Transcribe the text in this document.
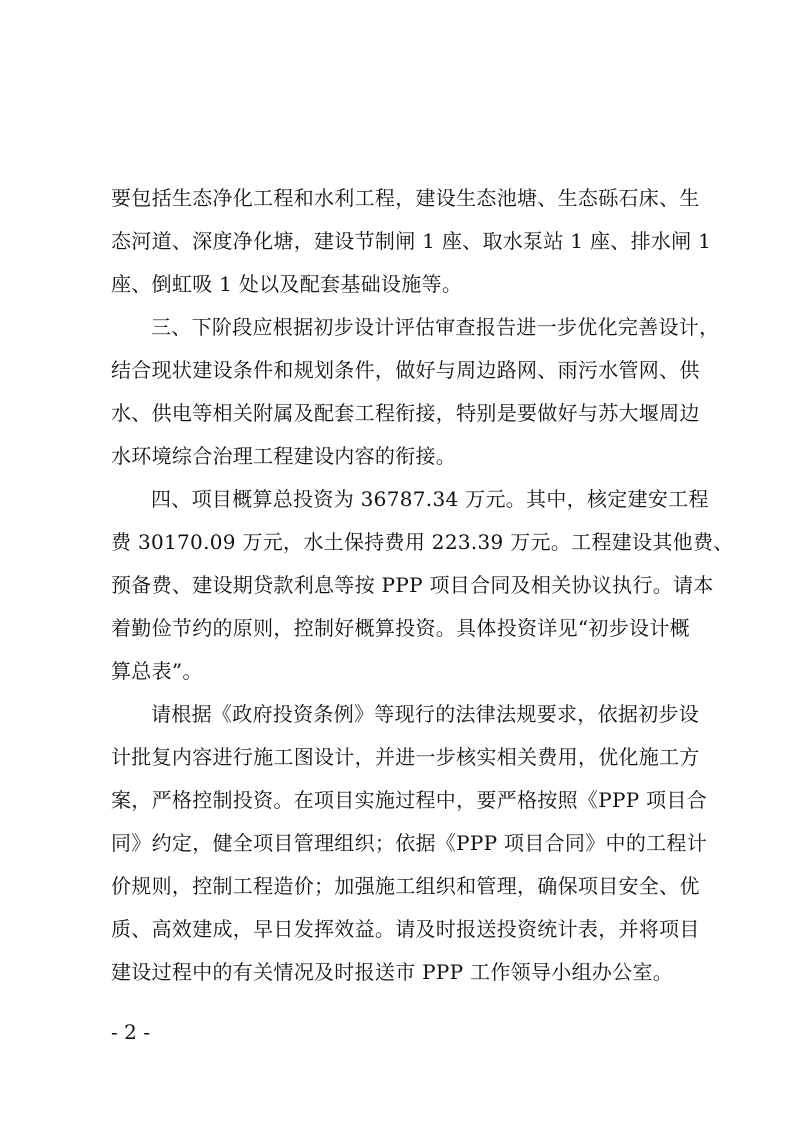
要包括生态净化工程和水利工程，建设生态池塘、生态砾石床、生
态河道、深度净化塘，建设节制闸 1 座、取水泵站 1 座、排水闸 1
座、倒虹吸 1 处以及配套基础设施等。
三、下阶段应根据初步设计评估审查报告进一步优化完善设计，
结合现状建设条件和规划条件，做好与周边路网、雨污水管网、供
水、供电等相关附属及配套工程衔接，特别是要做好与苏大堰周边
水环境综合治理工程建设内容的衔接。
四、项目概算总投资为 36787.34 万元。其中，核定建安工程
费 30170.09 万元，水土保持费用 223.39 万元。工程建设其他费、
预备费、建设期贷款利息等按 PPP 项目合同及相关协议执行。请本
着勤俭节约的原则，控制好概算投资。具体投资详见“初步设计概
算总表”。
请根据《政府投资条例》等现行的法律法规要求，依据初步设
计批复内容进行施工图设计，并进一步核实相关费用，优化施工方
案，严格控制投资。在项目实施过程中，要严格按照《PPP 项目合
同》约定，健全项目管理组织；依据《PPP 项目合同》中的工程计
价规则，控制工程造价；加强施工组织和管理，确保项目安全、优
质、高效建成，早日发挥效益。请及时报送投资统计表，并将项目
建设过程中的有关情况及时报送市 PPP 工作领导小组办公室。
- 2 -
